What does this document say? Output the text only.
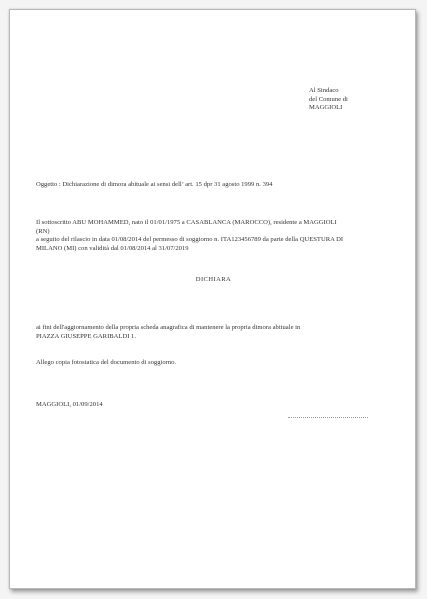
Al Sindaco
del Comune di
MAGGIOLI
Oggetto : Dichiarazione di dimora abituale ai sensi dell’ art. 15 dpr 31 agosto 1999 n. 394
Il sottoscritto ABU MOHAMMED, nato il 01/01/1975 a CASABLANCA (MAROCCO), residente a MAGGIOLI
(RN)
a seguito del rilascio in data 01/08/2014 del permesso di soggiorno n. ITA123456789 da parte della QUESTURA DI
MILANO (MI) con validità dal 01/08/2014 al 31/07/2019
DICHIARA
ai fini dell'aggiornamento della propria scheda anagrafica di mantenere la propria dimora abituale in
PIAZZA GIUSEPPE GARIBALDI 1.
Allego copia fotostatica del documento di soggiorno.
MAGGIOLI, 01/09/2014
